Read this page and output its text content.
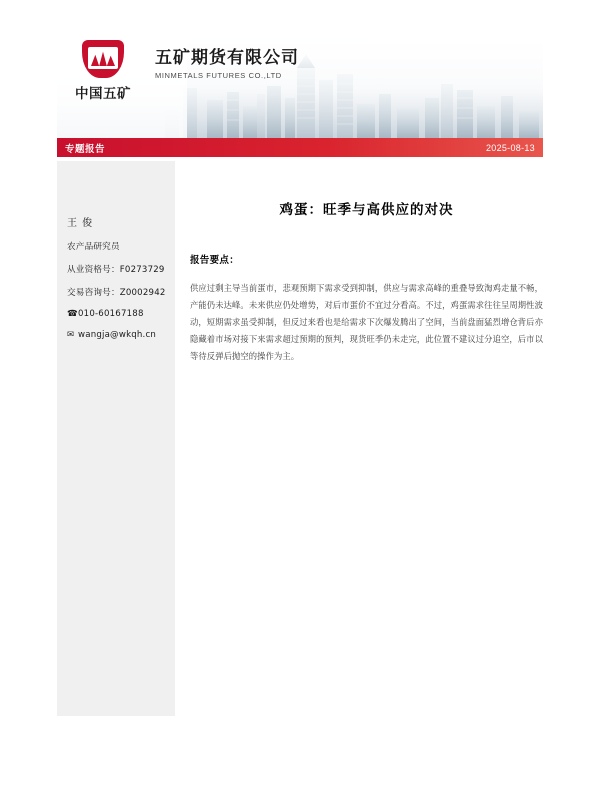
中国五矿
五矿期货有限公司
MINMETALS FUTURES CO.,LTD
专题报告	2025-08-13
王 俊
农产品研究员
从业资格号：F0273729
交易咨询号：Z0002942
☎ 010-60167188
✉ wangja@wkqh.cn
鸡蛋：旺季与高供应的对决
报告要点：
供应过剩主导当前蛋市，悲观预期下需求受到抑制，供应与需求高峰的重叠导致淘鸡走量不畅，产能仍未达峰。未来供应仍处增势，对后市蛋价不宜过分看高。不过，鸡蛋需求往往呈周期性波动，短期需求虽受抑制，但反过来看也是给需求下次爆发腾出了空间，当前盘面猛烈增仓背后亦隐藏着市场对接下来需求超过预期的预判，现货旺季仍未走完，此位置不建议过分追空，后市以等待反弹后抛空的操作为主。
